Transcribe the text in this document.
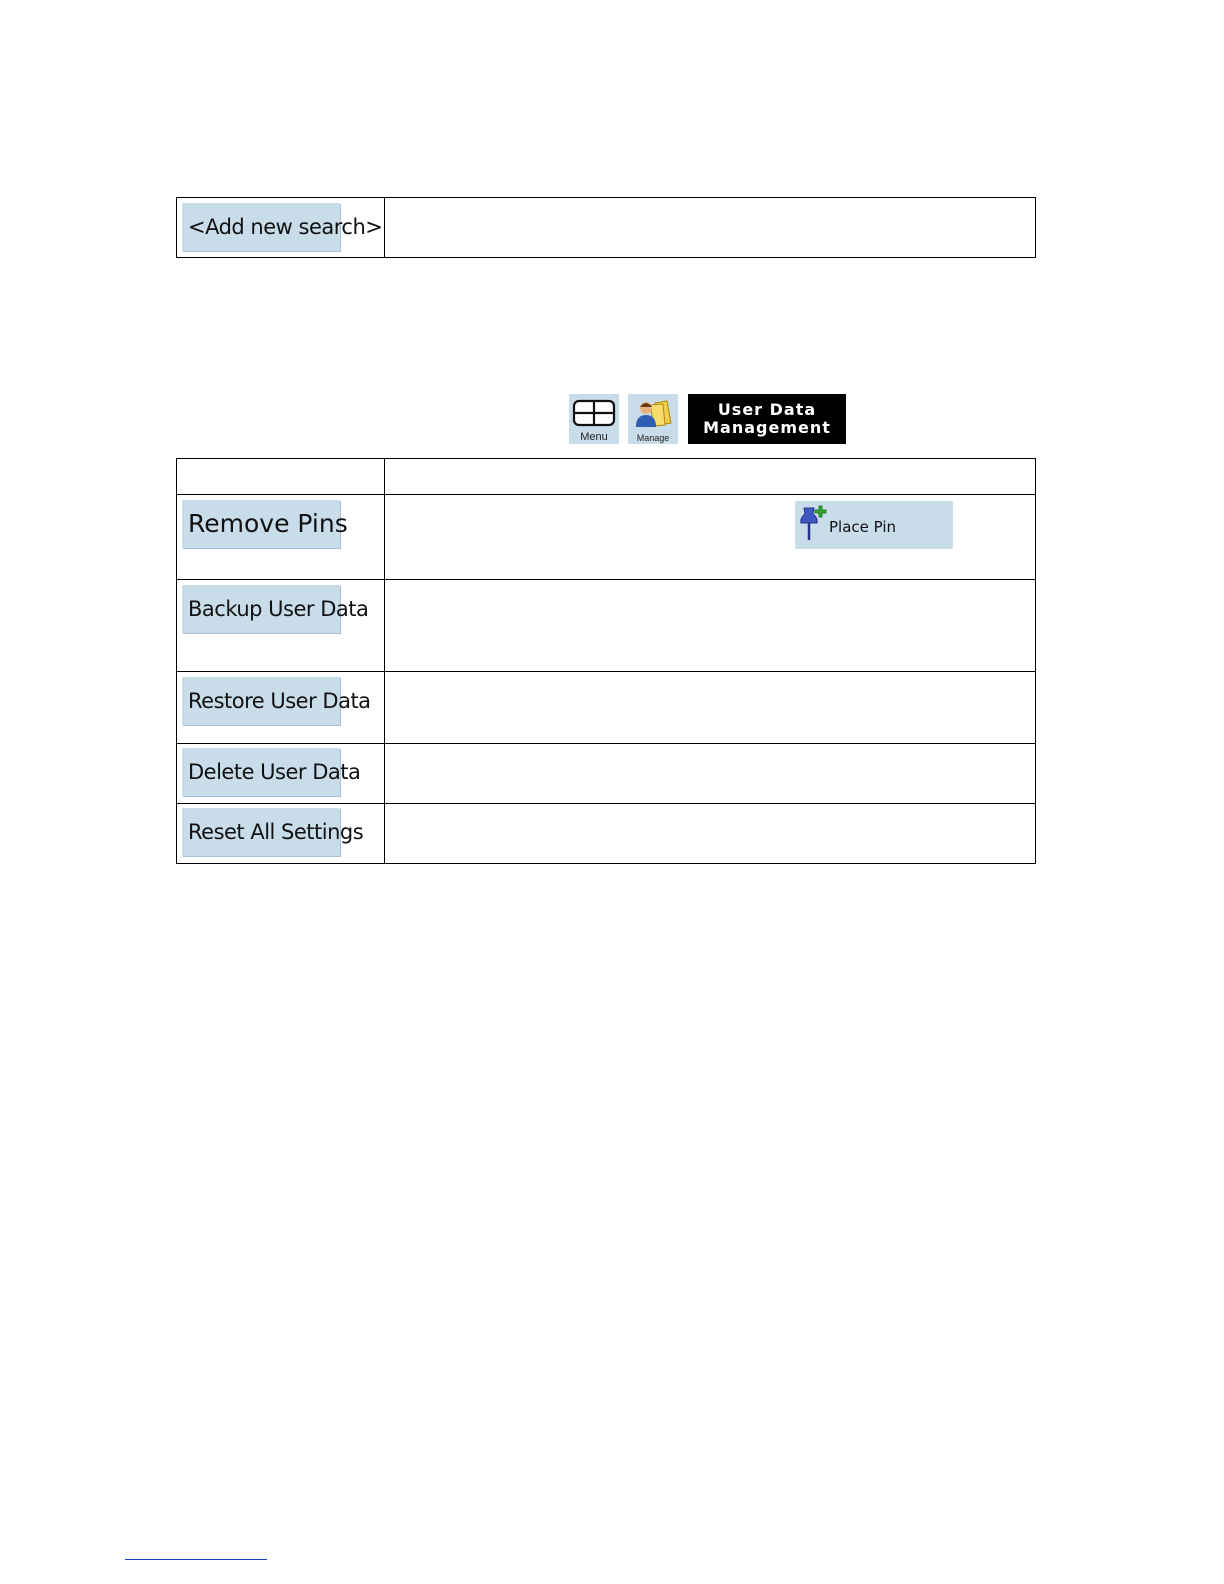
<Add new search>	
Menu	Manage
User Data
Management

Remove Pins	Place Pin

Backup User Data	
Restore User Data	
Delete User Data	
Reset All Settings	
